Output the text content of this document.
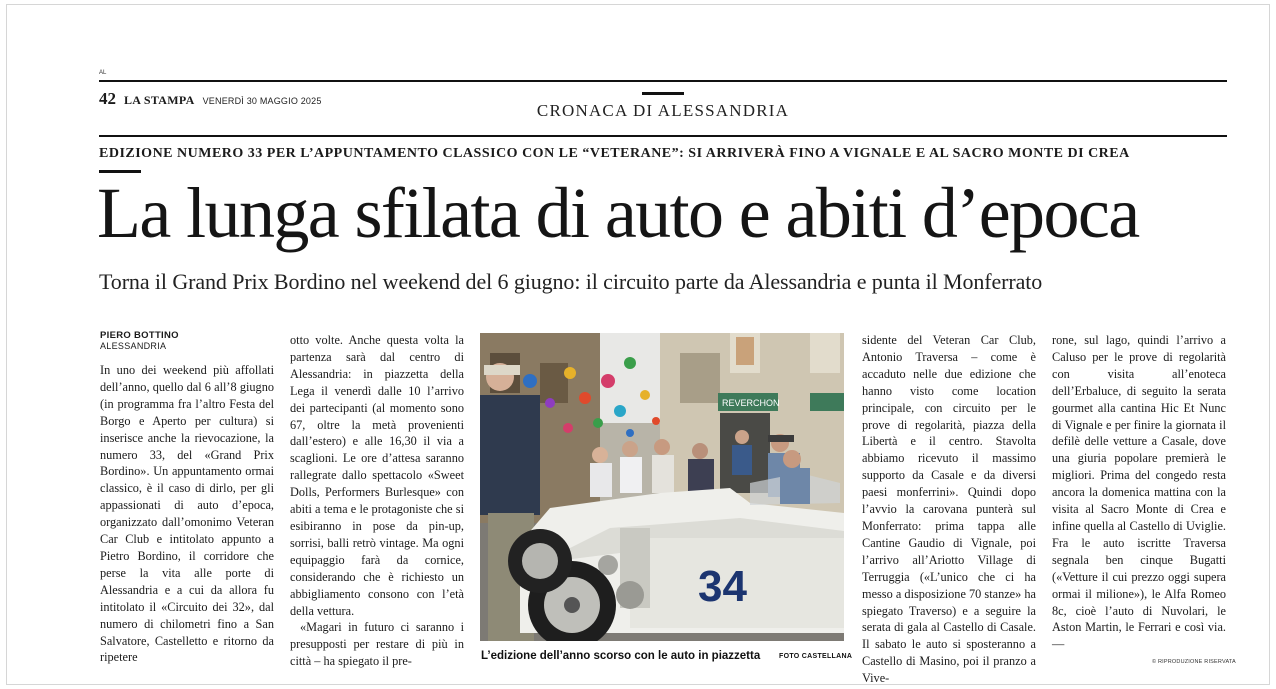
AL
42 LA STAMPA VENERDÌ 30 MAGGIO 2025	CRONACA DI ALESSANDRIA
EDIZIONE NUMERO 33 PER L’APPUNTAMENTO CLASSICO CON LE “VETERANE”: SI ARRIVERÀ FINO A VIGNALE E AL SACRO MONTE DI CREA
La lunga sfilata di auto e abiti d’epoca
Torna il Grand Prix Bordino nel weekend del 6 giugno: il circuito parte da Alessandria e punta il Monferrato
PIERO BOTTINO
ALESSANDRIA

In uno dei weekend più affollati dell’anno, quello dal 6 all’8 giugno (in programma fra l’altro Festa del Borgo e Aperto per cultura) si inserisce anche la rievocazione, la numero 33, del «Grand Prix Bordino». Un appuntamento ormai classico, è il caso di dirlo, per gli appassionati di auto d’epoca, organizzato dall’omonimo Veteran Car Club e intitolato appunto a Pietro Bordino, il corridore che perse la vita alle porte di Alessandria e a cui da allora fu intitolato il «Circuito dei 32», dal numero di chilometri fino a San Salvatore, Castelletto e ritorno da ripetere

otto volte. Anche questa volta la partenza sarà dal centro di Alessandria: in piazzetta della Lega il venerdì dalle 10 l’arrivo dei partecipanti (al momento sono 67, oltre la metà provenienti dall’estero) e alle 16,30 il via a scaglioni. Le ore d’attesa saranno rallegrate dallo spettacolo «Sweet Dolls, Performers Burlesque» con abiti a tema e le protagoniste che si esibiranno in pose da pin-up, sorrisi, balli retrò vintage. Ma ogni equipaggio farà da cornice, considerando che è richiesto un abbigliamento consono con l’età della vettura.

«Magari in futuro ci saranno i presupposti per restare di più in città – ha spiegato il pre-

REVERCHON
34
L’edizione dell’anno scorso con le auto in piazzetta	FOTO CASTELLANA

sidente del Veteran Car Club, Antonio Traversa – come è accaduto nelle due edizione che hanno visto come location principale, con circuito per le prove di regolarità, piazza della Libertà e il centro. Stavolta abbiamo ricevuto il massimo supporto da Casale e da diversi paesi monferrini». Quindi dopo l’avvio la carovana punterà sul Monferrato: prima tappa alle Cantine Gaudio di Vignale, poi l’arrivo all’Ariotto Village di Terruggia («L’unico che ci ha messo a disposizione 70 stanze» ha spiegato Traverso) e a seguire la serata di gala al Castello di Casale. Il sabato le auto si sposteranno a Castello di Masino, poi il pranzo a Vive-

rone, sul lago, quindi l’arrivo a Caluso per le prove di regolarità con visita all’enoteca dell’Erbaluce, di seguito la serata gourmet alla cantina Hic Et Nunc di Vignale e per finire la giornata il defilè delle vetture a Casale, dove una giuria popolare premierà le migliori. Prima del congedo resta ancora la domenica mattina con la visita al Sacro Monte di Crea e infine quella al Castello di Uviglie. Fra le auto iscritte Traversa segnala ben cinque Bugatti («Vetture il cui prezzo oggi supera ormai il milione»), le Alfa Romeo 8c, cioè l’auto di Nuvolari, le Aston Martin, le Ferrari e così via. —

© RIPRODUZIONE RISERVATA
